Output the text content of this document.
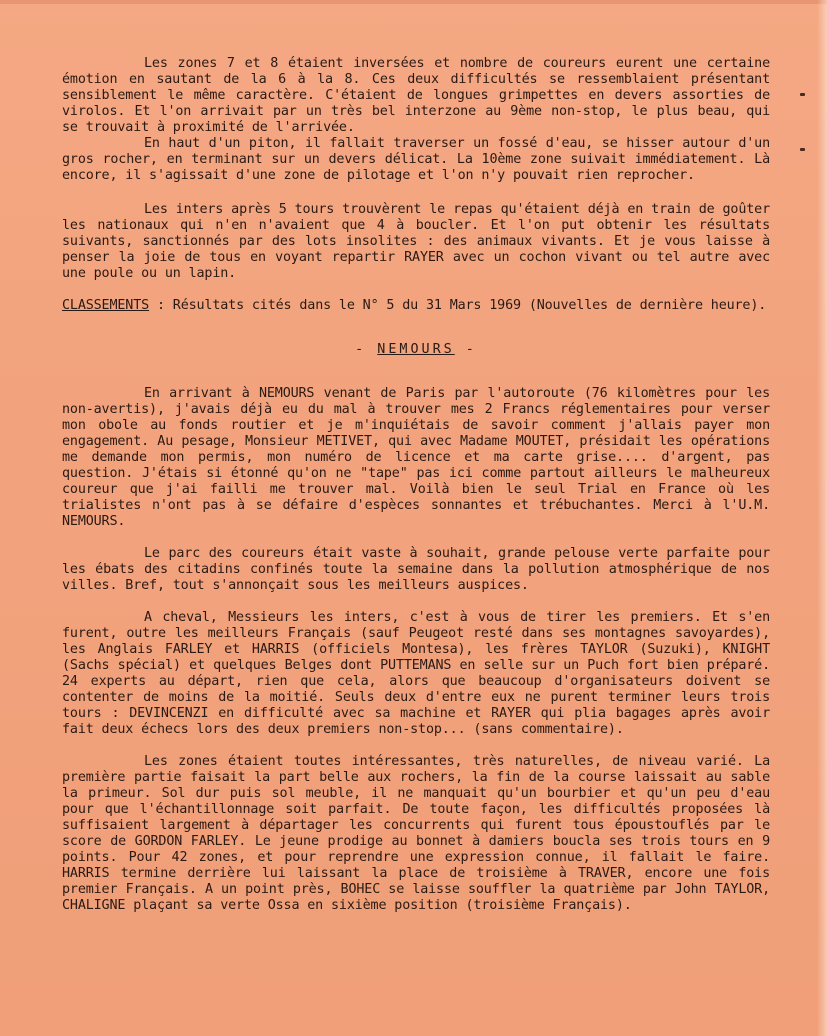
Les zones 7 et 8 étaient inversées et nombre de coureurs eurent une certaine émotion en sautant de la 6 à la 8. Ces deux difficultés se ressemblaient présentant sensiblement le même caractère. C'étaient de longues grimpettes en devers assorties de virolos. Et l'on arrivait par un très bel interzone au 9ème non-stop, le plus beau, qui se trouvait à proximité de l'arrivée.

En haut d'un piton, il fallait traverser un fossé d'eau, se hisser autour d'un gros rocher, en terminant sur un devers délicat. La 10ème zone suivait immédiatement. Là encore, il s'agissait d'une zone de pilotage et l'on n'y pouvait rien reprocher.

Les inters après 5 tours trouvèrent le repas qu'étaient déjà en train de goûter les nationaux qui n'en n'avaient que 4 à boucler. Et l'on put obtenir les résultats suivants, sanctionnés par des lots insolites : des animaux vivants. Et je vous laisse à penser la joie de tous en voyant repartir RAYER avec un cochon vivant ou tel autre avec une poule ou un lapin.

CLASSEMENTS : Résultats cités dans le N° 5 du 31 Mars 1969 (Nouvelles de dernière heure).

- NEMOURS -

En arrivant à NEMOURS venant de Paris par l'autoroute (76 kilomètres pour les non-avertis), j'avais déjà eu du mal à trouver mes 2 Francs réglementaires pour verser mon obole au fonds routier et je m'inquiétais de savoir comment j'allais payer mon engagement. Au pesage, Monsieur METIVET, qui avec Madame MOUTET, présidait les opérations me demande mon permis, mon numéro de licence et ma carte grise.... d'argent, pas question. J'étais si étonné qu'on ne "tape" pas ici comme partout ailleurs le malheureux coureur que j'ai failli me trouver mal. Voilà bien le seul Trial en France où les trialistes n'ont pas à se défaire d'espèces sonnantes et trébuchantes. Merci à l'U.M. NEMOURS.

Le parc des coureurs était vaste à souhait, grande pelouse verte parfaite pour les ébats des citadins confinés toute la semaine dans la pollution atmosphérique de nos villes. Bref, tout s'annonçait sous les meilleurs auspices.

A cheval, Messieurs les inters, c'est à vous de tirer les premiers. Et s'en furent, outre les meilleurs Français (sauf Peugeot resté dans ses montagnes savoyardes), les Anglais FARLEY et HARRIS (officiels Montesa), les frères TAYLOR (Suzuki), KNIGHT (Sachs spécial) et quelques Belges dont PUTTEMANS en selle sur un Puch fort bien préparé. 24 experts au départ, rien que cela, alors que beaucoup d'organisateurs doivent se contenter de moins de la moitié. Seuls deux d'entre eux ne purent terminer leurs trois tours : DEVINCENZI en difficulté avec sa machine et RAYER qui plia bagages après avoir fait deux échecs lors des deux premiers non-stop... (sans commentaire).

Les zones étaient toutes intéressantes, très naturelles, de niveau varié. La première partie faisait la part belle aux rochers, la fin de la course laissait au sable la primeur. Sol dur puis sol meuble, il ne manquait qu'un bourbier et qu'un peu d'eau pour que l'échantillonnage soit parfait. De toute façon, les difficultés proposées là suffisaient largement à départager les concurrents qui furent tous époustouflés par le score de GORDON FARLEY. Le jeune prodige au bonnet à damiers boucla ses trois tours en 9 points. Pour 42 zones, et pour reprendre une expression connue, il fallait le faire. HARRIS termine derrière lui laissant la place de troisième à TRAVER, encore une fois premier Français. A un point près, BOHEC se laisse souffler la quatrième par John TAYLOR, CHALIGNE plaçant sa verte Ossa en sixième position (troisième Français).
